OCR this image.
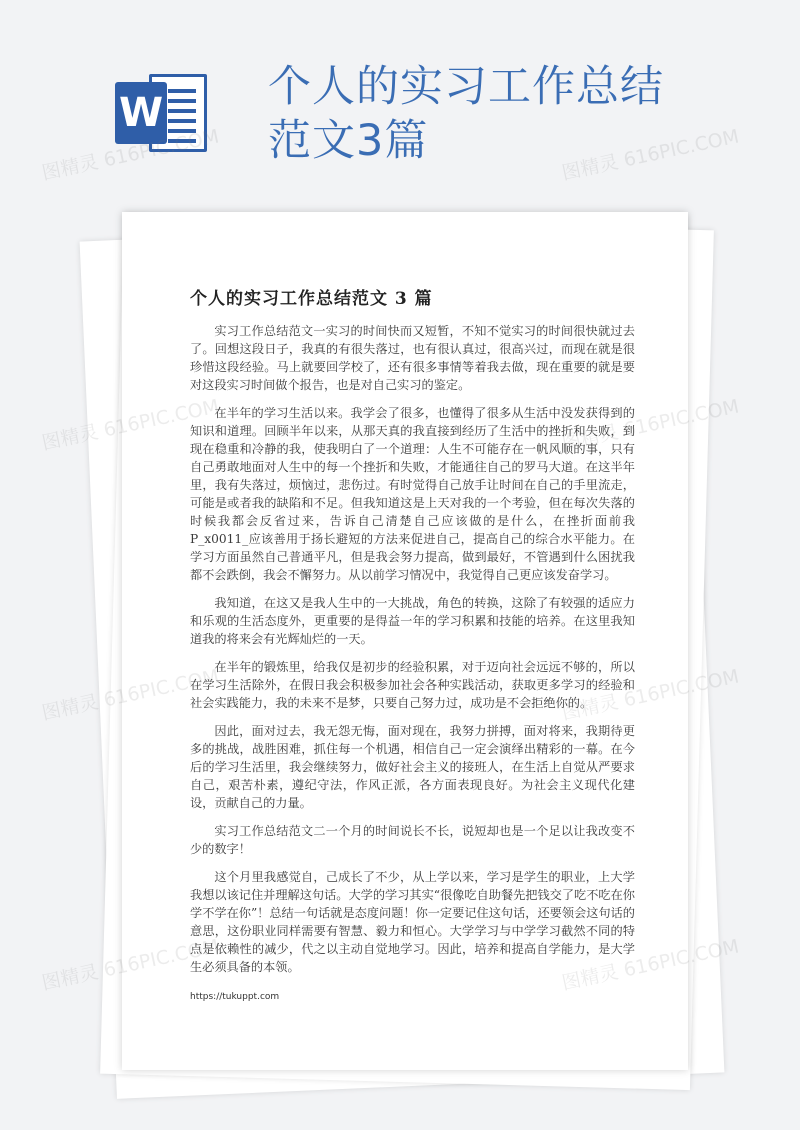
W
个人的实习工作总结范文3篇
个人的实习工作总结范文 3 篇

实习工作总结范文一实习的时间快而又短暂，不知不觉实习的时间很快就过去了。回想这段日子，我真的有很失落过，也有很认真过，很高兴过，而现在就是很珍惜这段经验。马上就要回学校了，还有很多事情等着我去做，现在重要的就是要对这段实习时间做个报告，也是对自己实习的鉴定。

在半年的学习生活以来。我学会了很多，也懂得了很多从生活中没发获得到的知识和道理。回顾半年以来，从那天真的我直接到经历了生活中的挫折和失败，到现在稳重和冷静的我，使我明白了一个道理：人生不可能存在一帆风顺的事，只有自己勇敢地面对人生中的每一个挫折和失败，才能通往自己的罗马大道。在这半年里，我有失落过，烦恼过，悲伤过。有时觉得自己放手让时间在自己的手里流走，可能是或者我的缺陷和不足。但我知道这是上天对我的一个考验，但在每次失落的时候我都会反省过来，告诉自己清楚自己应该做的是什么，在挫折面前我 P_x0011_应该善用于扬长避短的方法来促进自己，提高自己的综合水平能力。在学习方面虽然自己普通平凡，但是我会努力提高，做到最好，不管遇到什么困扰我都不会跌倒，我会不懈努力。从以前学习情况中，我觉得自己更应该发奋学习。

我知道，在这又是我人生中的一大挑战，角色的转换，这除了有较强的适应力和乐观的生活态度外，更重要的是得益一年的学习积累和技能的培养。在这里我知道我的将来会有光辉灿烂的一天。

在半年的锻炼里，给我仅是初步的经验积累，对于迈向社会远远不够的，所以在学习生活除外，在假日我会积极参加社会各种实践活动，获取更多学习的经验和社会实践能力，我的未来不是梦，只要自己努力过，成功是不会拒绝你的。

因此，面对过去，我无怨无悔，面对现在，我努力拼搏，面对将来，我期待更多的挑战，战胜困难，抓住每一个机遇，相信自己一定会演绎出精彩的一幕。在今后的学习生活里，我会继续努力，做好社会主义的接班人，在生活上自觉从严要求自己，艰苦朴素，遵纪守法，作风正派，各方面表现良好。为社会主义现代化建设，贡献自己的力量。

实习工作总结范文二一个月的时间说长不长，说短却也是一个足以让我改变不少的数字！

这个月里我感觉自，己成长了不少，从上学以来，学习是学生的职业，上大学我想以该记住并理解这句话。大学的学习其实“很像吃自助餐先把钱交了吃不吃在你学不学在你”！总结一句话就是态度问题！你一定要记住这句话，还要领会这句话的意思，这份职业同样需要有智慧、毅力和恒心。大学学习与中学学习截然不同的特点是依赖性的减少，代之以主动自觉地学习。因此，培养和提高自学能力，是大学生必须具备的本领。

https://tukuppt.com
图精灵 616PIC.COM	图精灵 616PIC.COM
图精灵
图精灵
图精灵
